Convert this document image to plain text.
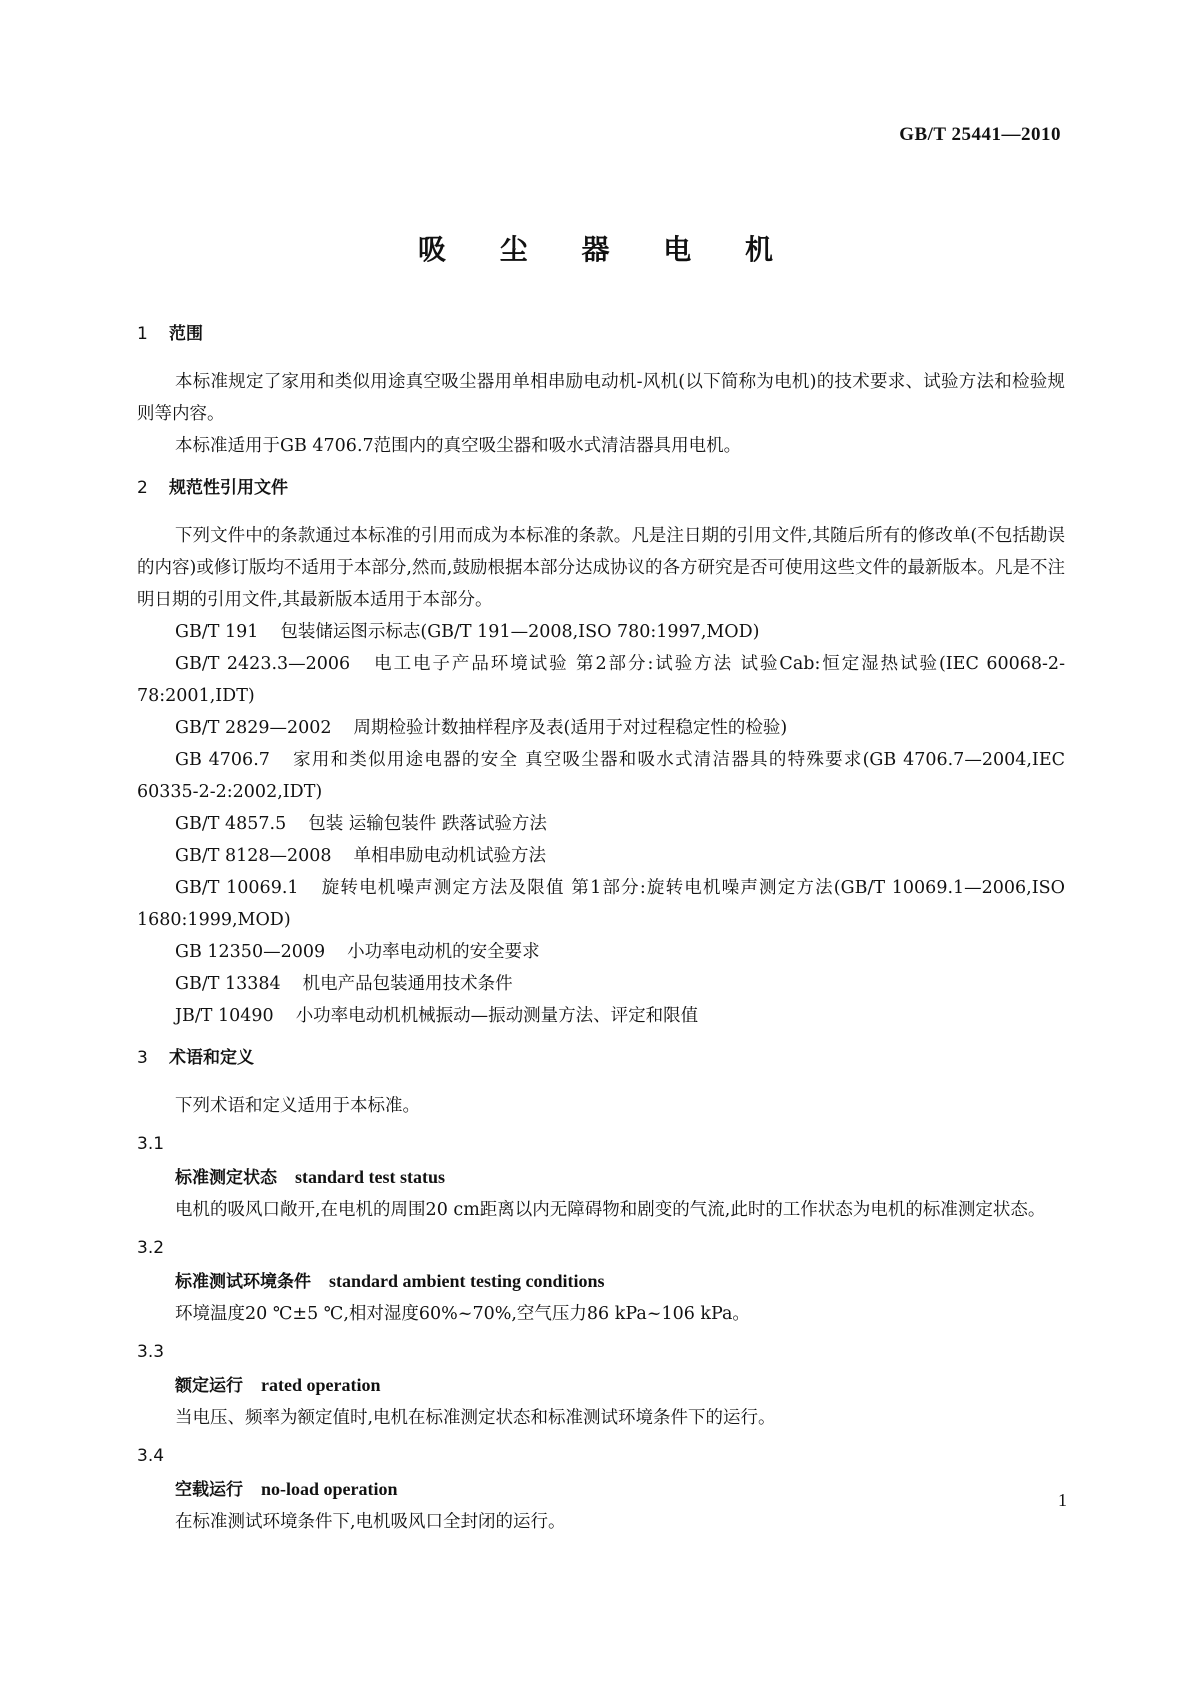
GB/T 25441—2010
吸 尘 器 电 机
1 范围

本标准规定了家用和类似用途真空吸尘器用单相串励电动机-风机(以下简称为电机)的技术要求、试验方法和检验规则等内容。

本标准适用于GB 4706.7范围内的真空吸尘器和吸水式清洁器具用电机。

2 规范性引用文件

下列文件中的条款通过本标准的引用而成为本标准的条款。凡是注日期的引用文件,其随后所有的修改单(不包括勘误的内容)或修订版均不适用于本部分,然而,鼓励根据本部分达成协议的各方研究是否可使用这些文件的最新版本。凡是不注明日期的引用文件,其最新版本适用于本部分。

GB/T 191 包装储运图示标志(GB/T 191—2008,ISO 780:1997,MOD)

GB/T 2423.3—2006 电工电子产品环境试验 第2部分:试验方法 试验Cab:恒定湿热试验(IEC 60068-2-78:2001,IDT)

GB/T 2829—2002 周期检验计数抽样程序及表(适用于对过程稳定性的检验)

GB 4706.7 家用和类似用途电器的安全 真空吸尘器和吸水式清洁器具的特殊要求(GB 4706.7—2004,IEC 60335-2-2:2002,IDT)

GB/T 4857.5 包装 运输包装件 跌落试验方法

GB/T 8128—2008 单相串励电动机试验方法

GB/T 10069.1 旋转电机噪声测定方法及限值 第1部分:旋转电机噪声测定方法(GB/T 10069.1—2006,ISO 1680:1999,MOD)

GB 12350—2009 小功率电动机的安全要求

GB/T 13384 机电产品包装通用技术条件

JB/T 10490 小功率电动机机械振动—振动测量方法、评定和限值

3 术语和定义

下列术语和定义适用于本标准。

3.1
标准测定状态 standard test status

电机的吸风口敞开,在电机的周围20 cm距离以内无障碍物和剧变的气流,此时的工作状态为电机的标准测定状态。

3.2
标准测试环境条件 standard ambient testing conditions

环境温度20 ℃±5 ℃,相对湿度60%~70%,空气压力86 kPa~106 kPa。

3.3
额定运行 rated operation

当电压、频率为额定值时,电机在标准测定状态和标准测试环境条件下的运行。

3.4
空载运行 no-load operation

在标准测试环境条件下,电机吸风口全封闭的运行。

1
